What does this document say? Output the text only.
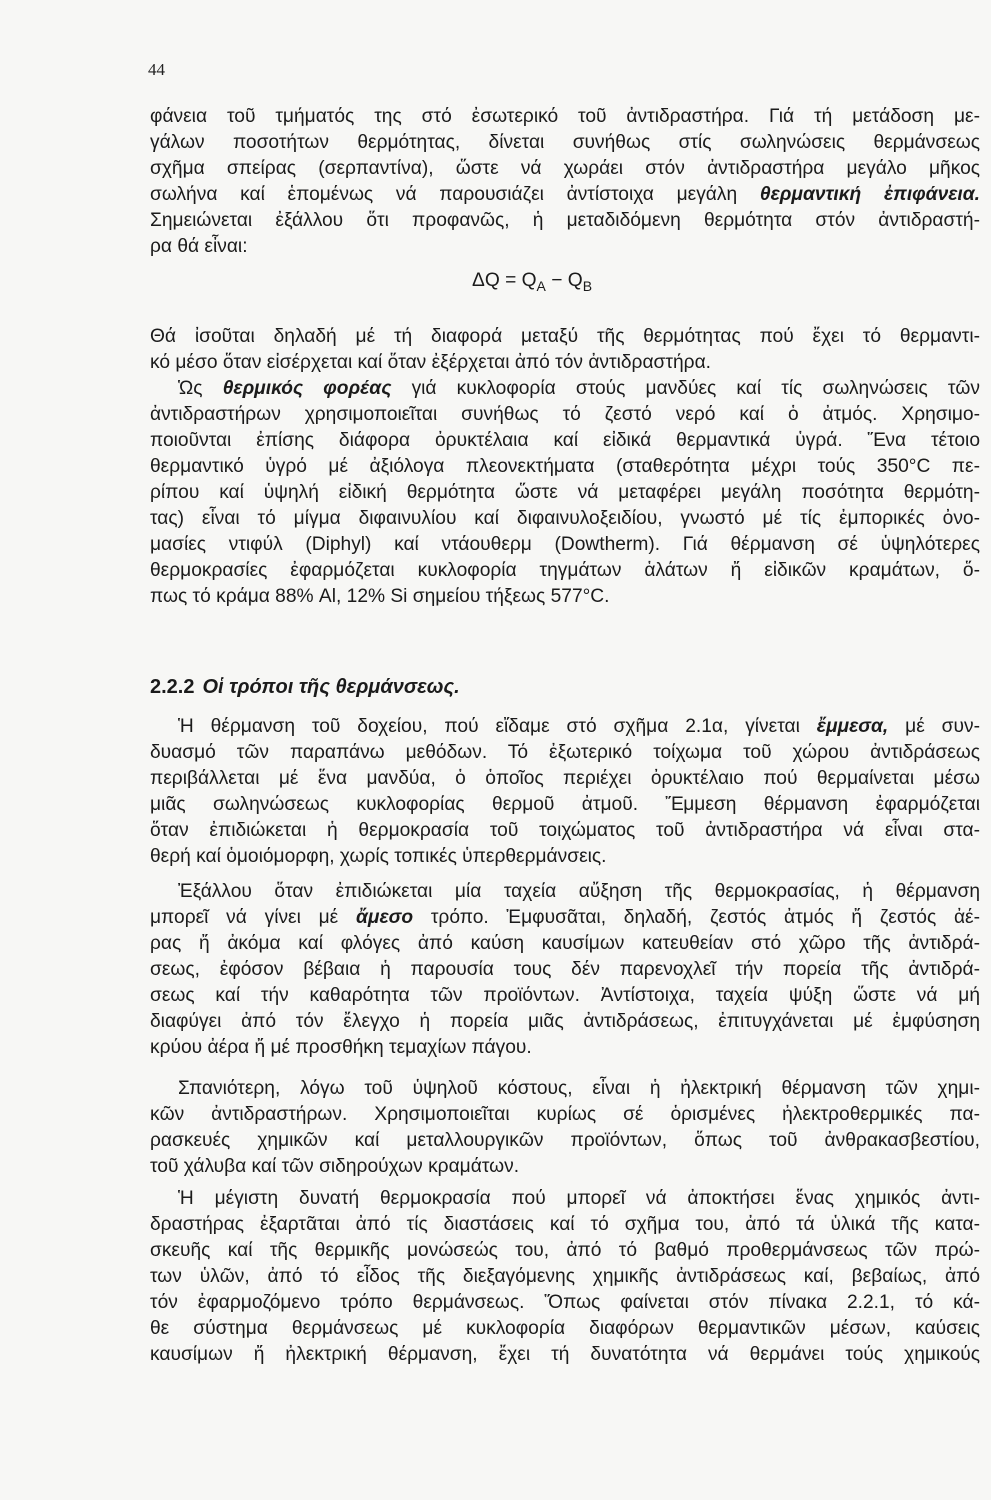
44
φάνεια τοῦ τμήματός της στό ἐσωτερικό τοῦ ἀντιδραστήρα. Γιά τή μετάδοση με-
γάλων ποσοτήτων θερμότητας, δίνεται συνήθως στίς σωληνώσεις θερμάνσεως
σχῆμα σπείρας (σερπαντίνα), ὥστε νά χωράει στόν ἀντιδραστήρα μεγάλο μῆκος
σωλήνα καί ἑπομένως νά παρουσιάζει ἀντίστοιχα μεγάλη θερμαντική ἐπιφάνεια.
Σημειώνεται ἐξάλλου ὅτι προφανῶς, ἡ μεταδιδόμενη θερμότητα στόν ἀντιδραστή-
ρα θά εἶναι:
$\Delta Q = Q_A - Q_B$
Θά ἰσοῦται δηλαδή μέ τή διαφορά μεταξύ τῆς θερμότητας πού ἔχει τό θερμαντι-
κό μέσο ὅταν εἰσέρχεται καί ὅταν ἐξέρχεται ἀπό τόν ἀντιδραστήρα.
Ὡς θερμικός φορέας γιά κυκλοφορία στούς μανδύες καί τίς σωληνώσεις τῶν
ἀντιδραστήρων χρησιμοποιεῖται συνήθως τό ζεστό νερό καί ὁ ἀτμός. Χρησιμο-
ποιοῦνται ἐπίσης διάφορα ὀρυκτέλαια καί εἰδικά θερμαντικά ὑγρά. Ἕνα τέτοιο
θερμαντικό ὑγρό μέ ἀξιόλογα πλεονεκτήματα (σταθερότητα μέχρι τούς 350°C πε-
ρίπου καί ὑψηλή εἰδική θερμότητα ὥστε νά μεταφέρει μεγάλη ποσότητα θερμότη-
τας) εἶναι τό μίγμα διφαινυλίου καί διφαινυλοξειδίου, γνωστό μέ τίς ἐμπορικές ὀνο-
μασίες ντιφύλ (Diphyl) καί ντάουθερμ (Dowtherm). Γιά θέρμανση σέ ὑψηλότερες
θερμοκρασίες ἐφαρμόζεται κυκλοφορία τηγμάτων ἁλάτων ἤ εἰδικῶν κραμάτων, ὅ-
πως τό κράμα 88% Al, 12% Si σημείου τήξεως 577°C.
2.2.2 Οἱ τρόποι τῆς θερμάνσεως.
Ἡ θέρμανση τοῦ δοχείου, πού εἴδαμε στό σχῆμα 2.1α, γίνεται ἔμμεσα, μέ συν-
δυασμό τῶν παραπάνω μεθόδων. Τό ἐξωτερικό τοίχωμα τοῦ χώρου ἀντιδράσεως
περιβάλλεται μέ ἕνα μανδύα, ὁ ὁποῖος περιέχει ὀρυκτέλαιο πού θερμαίνεται μέσω
μιᾶς σωληνώσεως κυκλοφορίας θερμοῦ ἀτμοῦ. Ἔμμεση θέρμανση ἐφαρμόζεται
ὅταν ἐπιδιώκεται ἡ θερμοκρασία τοῦ τοιχώματος τοῦ ἀντιδραστήρα νά εἶναι στα-
θερή καί ὁμοιόμορφη, χωρίς τοπικές ὑπερθερμάνσεις.
Ἐξάλλου ὅταν ἐπιδιώκεται μία ταχεία αὔξηση τῆς θερμοκρασίας, ἡ θέρμανση
μπορεῖ νά γίνει μέ ἄμεσο τρόπο. Ἐμφυσᾶται, δηλαδή, ζεστός ἀτμός ἤ ζεστός ἀέ-
ρας ἤ ἀκόμα καί φλόγες ἀπό καύση καυσίμων κατευθείαν στό χῶρο τῆς ἀντιδρά-
σεως, ἐφόσον βέβαια ἡ παρουσία τους δέν παρενοχλεῖ τήν πορεία τῆς ἀντιδρά-
σεως καί τήν καθαρότητα τῶν προϊόντων. Ἀντίστοιχα, ταχεία ψύξη ὥστε νά μή
διαφύγει ἀπό τόν ἔλεγχο ἡ πορεία μιᾶς ἀντιδράσεως, ἐπιτυγχάνεται μέ ἐμφύσηση
κρύου ἀέρα ἤ μέ προσθήκη τεμαχίων πάγου.
Σπανιότερη, λόγω τοῦ ὑψηλοῦ κόστους, εἶναι ἡ ἠλεκτρική θέρμανση τῶν χημι-
κῶν ἀντιδραστήρων. Χρησιμοποιεῖται κυρίως σέ ὁρισμένες ἠλεκτροθερμικές πα-
ρασκευές χημικῶν καί μεταλλουργικῶν προϊόντων, ὅπως τοῦ ἀνθρακασβεστίου,
τοῦ χάλυβα καί τῶν σιδηρούχων κραμάτων.
Ἡ μέγιστη δυνατή θερμοκρασία πού μπορεῖ νά ἀποκτήσει ἕνας χημικός ἀντι-
δραστήρας ἐξαρτᾶται ἀπό τίς διαστάσεις καί τό σχῆμα του, ἀπό τά ὑλικά τῆς κατα-
σκευῆς καί τῆς θερμικῆς μονώσεώς του, ἀπό τό βαθμό προθερμάνσεως τῶν πρώ-
των ὑλῶν, ἀπό τό εἶδος τῆς διεξαγόμενης χημικῆς ἀντιδράσεως καί, βεβαίως, ἀπό
τόν ἐφαρμοζόμενο τρόπο θερμάνσεως. Ὅπως φαίνεται στόν πίνακα 2.2.1, τό κά-
θε σύστημα θερμάνσεως μέ κυκλοφορία διαφόρων θερμαντικῶν μέσων, καύσεις
καυσίμων ἤ ἠλεκτρική θέρμανση, ἔχει τή δυνατότητα νά θερμάνει τούς χημικούς
